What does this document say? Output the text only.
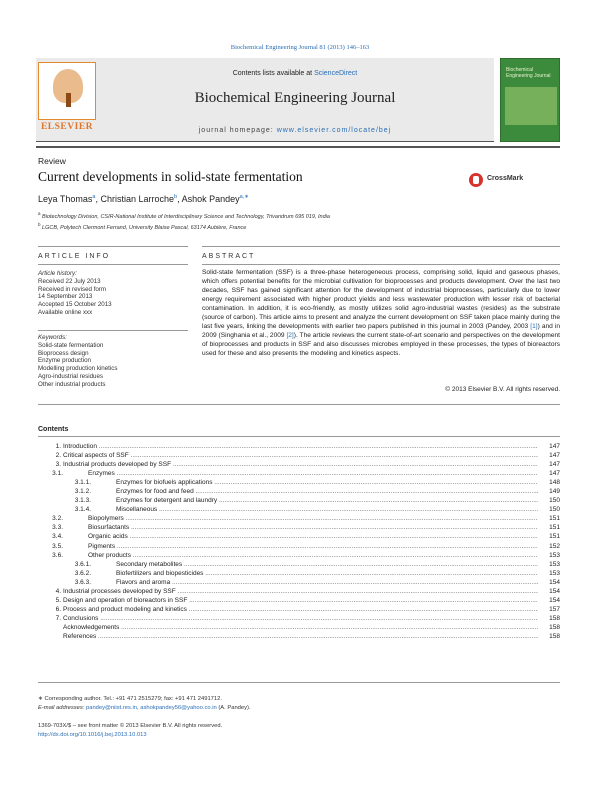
Biochemical Engineering Journal 81 (2013) 146–163
ELSEVIER
Contents lists available at ScienceDirect
Biochemical Engineering Journal
journal homepage: www.elsevier.com/locate/bej
Biochemical Engineering Journal
Review
Current developments in solid-state fermentation	CrossMark
Leya Thomas$^a$, Christian Larroche$^b$, Ashok Pandey$^{a,∗}$
$^a$ Biotechnology Division, CSIR-National Institute of Interdisciplinary Science and Technology, Trivandrum 695 019, India
$^b$ LGCB, Polytech Clermont Ferrand, University Blaise Pascal, 63174 Aubière, France
ARTICLE INFO	ABSTRACT
Article history:
Received 22 July 2013
Received in revised form
14 September 2013
Accepted 15 October 2013
Available online xxx
Keywords:
Solid-state fermentation
Bioprocess design
Enzyme production
Modelling production kinetics
Agro-industrial residues
Other industrial products
Solid-state fermentation (SSF) is a three-phase heterogeneous process, comprising solid, liquid and gaseous phases, which offers potential benefits for the microbial cultivation for bioprocesses and products development. Over the last two decades, SSF has gained significant attention for the development of industrial bioprocesses, particularly due to lower energy requirement associated with higher product yields and less wastewater production with lesser risk of bacterial contamination. In addition, it is eco-friendly, as mostly utilizes solid agro-industrial wastes (resides) as the substrate (source of carbon). This article aims to present and analyze the current development on SSF taken place mainly during the last five years, linking the developments with earlier two papers published in this journal in 2003 (Pandey, 2003 [1]) and in 2009 (Singhania et al., 2009 [2]). The article reviews the current state-of-art scenario and perspectives on the development of bioprocesses and products in SSF and also discusses microbes employed in these processes, the types of bioreactors used for these and also presents the modeling and kinetics aspects.
© 2013 Elsevier B.V. All rights reserved.
Contents
1. Introduction .....	147
2. Critical aspects of SSF .....	147
3. Industrial products developed by SSF .....	147
3.1.	Enzymes .....	147
3.1.1.	Enzymes for biofuels applications .....	148
3.1.2.	Enzymes for food and feed .....	149
3.1.3.	Enzymes for detergent and laundry .....	150
3.1.4.	Miscellaneous .....	150
3.2.	Biopolymers .....	151
3.3.	Biosurfactants .....	151
3.4.	Organic acids .....	151
3.5.	Pigments .....	152
3.6.	Other products .....	153
3.6.1.	Secondary metabolites .....	153
3.6.2.	Biofertilizers and biopesticides .....	153
3.6.3.	Flavors and aroma .....	154
4. Industrial processes developed by SSF .....	154
5. Design and operation of bioreactors in SSF .....	154
6. Process and product modeling and kinetics .....	157
7. Conclusions .....	158
Acknowledgements .....	158
References .....	158
∗ Corresponding author. Tel.: +91 471 2515279; fax: +91 471 2491712.
E-mail addresses: pandey@niist.res.in, ashokpandey56@yahoo.co.in (A. Pandey).
1369-703X/$ – see front matter © 2013 Elsevier B.V. All rights reserved.
http://dx.doi.org/10.1016/j.bej.2013.10.013
